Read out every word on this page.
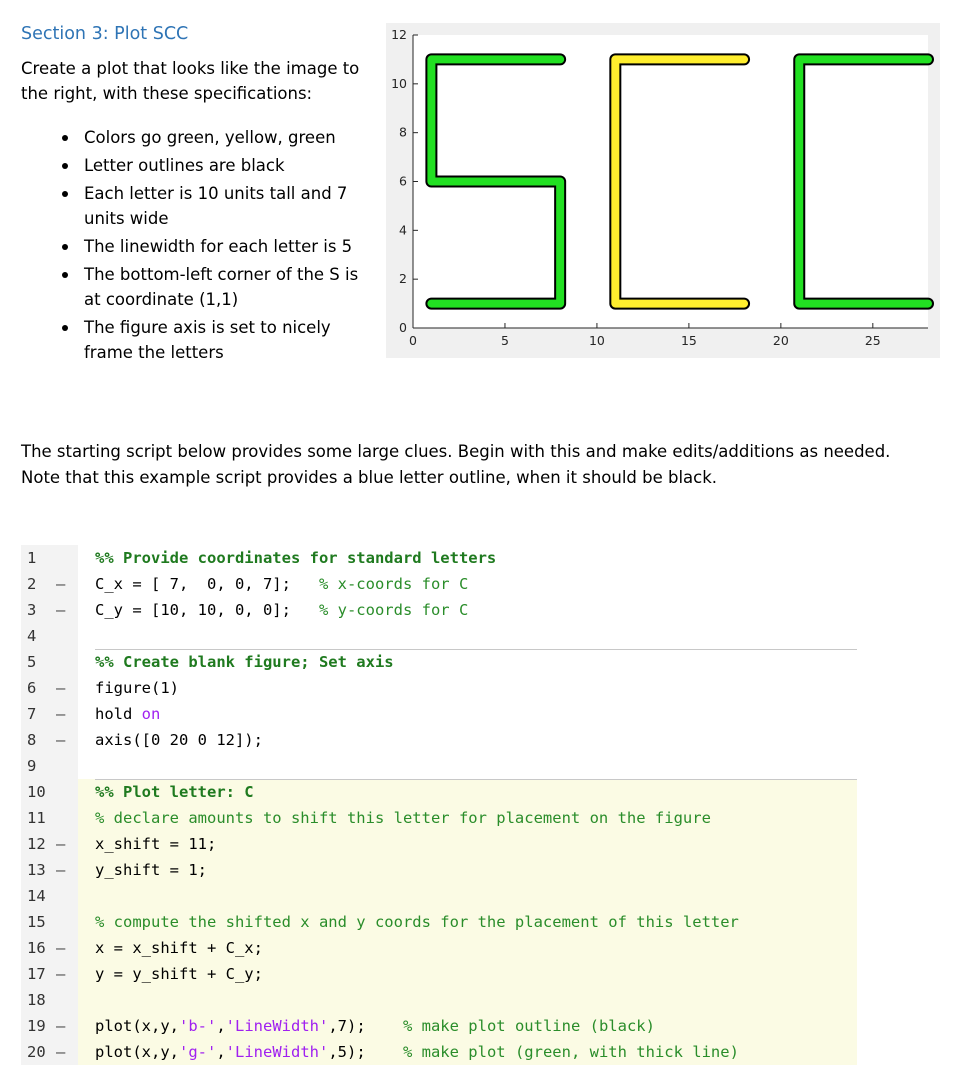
Section 3: Plot SCC
Create a plot that looks like the image to the right, with these specifications:
Colors go green, yellow, green
Letter outlines are black
Each letter is 10 units tall and 7 units wide
The linewidth for each letter is 5
The bottom-left corner of the S is at coordinate (1,1)
The figure axis is set to nicely frame the letters
0	5	10	15	20	25
0
2
4
6
8
10
12
The starting script below provides some large clues. Begin with this and make edits/additions as needed. Note that this example script provides a blue letter outline, when it should be black.
1	%% Provide coordinates for standard letters
2 – C_x = [ 7,  0, 0, 7];   % x-coords for C
3 – C_y = [10, 10, 0, 0];   % y-coords for C
4
5	%% Create blank figure; Set axis
6 – figure(1)
7 – hold on
8 – axis([0 20 0 12]);
9
10	%% Plot letter: C
11	% declare amounts to shift this letter for placement on the figure
12 – x_shift = 11;
13 – y_shift = 1;
14
15	% compute the shifted x and y coords for the placement of this letter
16 – x = x_shift + C_x;
17 – y = y_shift + C_y;
18
19 – plot(x,y,'b-','LineWidth',7);    % make plot outline (black)
20 – plot(x,y,'g-','LineWidth',5);    % make plot (green, with thick line)
